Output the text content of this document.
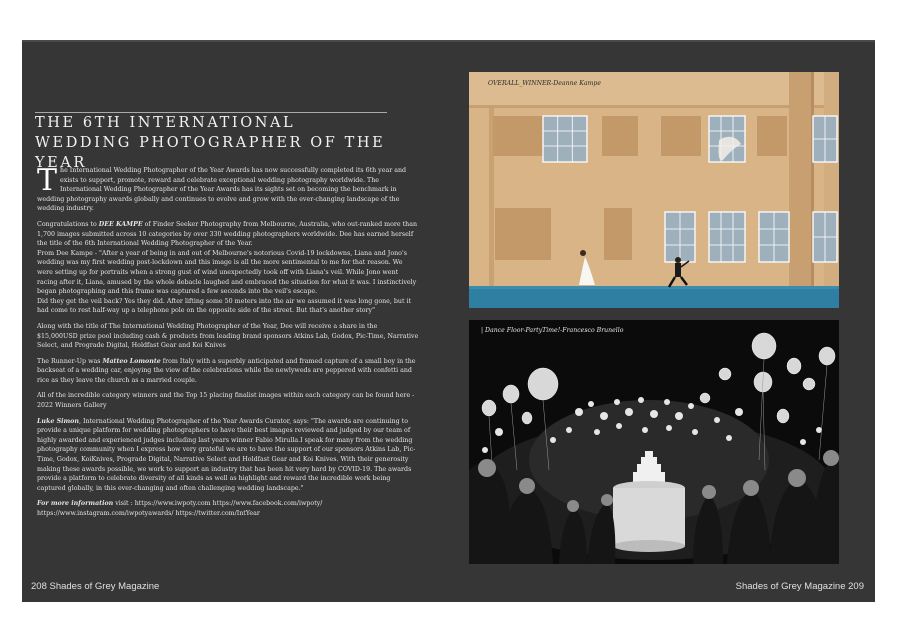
THE 6TH INTERNATIONAL WEDDING PHOTOGRAPHER OF THE YEAR

The International Wedding Photographer of the Year Awards has now successfully completed its 6th year and exists to support, promote, reward and celebrate exceptional wedding photography worldwide. The International Wedding Photographer of the Year Awards has its sights set on becoming the benchmark in wedding photography awards globally and continues to evolve and grow with the ever-changing landscape of the wedding industry.

Congratulations to DEE KAMPE of Finder Seeker Photography from Melbourne, Australia, who out-ranked more than 1,700 images submitted across 10 categories by over 330 wedding photographers worldwide. Dee has earned herself the title of the 6th International Wedding Photographer of the Year.

From Dee Kampe - "After a year of being in and out of Melbourne's notorious Covid-19 lockdowns, Liana and Jono's wedding was my first wedding post-lockdown and this image is all the more sentimental to me for that reason. We were setting up for portraits when a strong gust of wind unexpectedly took off with Liana's veil. While Jono went racing after it, Liana, amused by the whole debacle laughed and embraced the situation for what it was. I instinctively began photographing and this frame was captured a few seconds into the veil's escape.

Did they get the veil back? Yes they did. After lifting some 50 meters into the air we assumed it was long gone, but it had come to rest half-way up a telephone pole on the opposite side of the street. But that's another story"

Along with the title of The International Wedding Photographer of the Year, Dee will receive a share in the $15,000USD prize pool including cash & products from leading brand sponsors Atkins Lab, Godox, Pic-Time, Narrative Select, and Prograde Digital, Holdfast Gear and Koi Knives

The Runner-Up was Matteo Lomonte from Italy with a superbly anticipated and framed capture of a small boy in the backseat of a wedding car, enjoying the view of the celebrations while the newlyweds are peppered with confetti and rice as they leave the church as a married couple.

All of the incredible category winners and the Top 15 placing finalist images within each category can be found here - 2022 Winners Gallery

Luke Simon, International Wedding Photographer of the Year Awards Curator, says: "The awards are continuing to provide a unique platform for wedding photographers to have their best images reviewed and judged by our team of highly awarded and experienced judges including last years winner Fabio Mirulla.I speak for many from the wedding photography community when I express how very grateful we are to have the support of our sponsors Atkins Lab, Pic-Time, Godox, KoiKnives, Prograde Digital, Narrative Select and Holdfast Gear and Koi Knives. With their generosity making these awards possible, we work to support an industry that has been hit very hard by COVID-19. The awards provide a platform to celebrate diversity of all kinds as well as highlight and reward the incredible work being captured globally, in this ever-changing and often challenging wedding landscape."

For more information visit : https://www.iwpoty.com https://www.facebook.com/iwpoty/ https://www.instagram.com/iwpotyawards/ https://twitter.com/IntYear

208 Shades of Grey Magazine	Shades of Grey Magazine 209
OVERALL_WINNER-Deanne Kampe
| Dance Floor-PartyTime!-Francesco Brunello
